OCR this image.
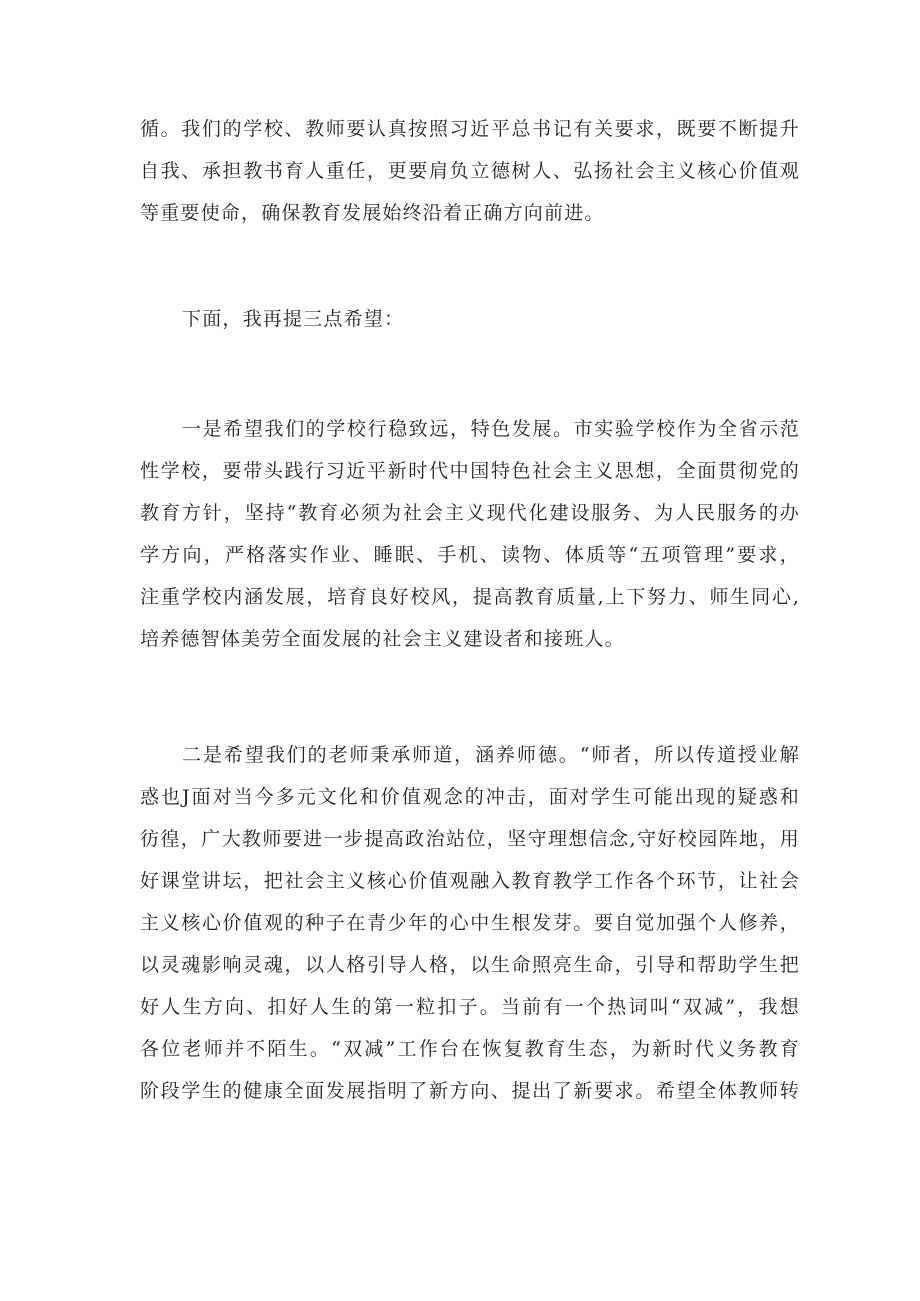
循。我们的学校、教师要认真按照习近平总书记有关要求，既要不断提升
自我、承担教书育人重任，更要肩负立德树人、弘扬社会主义核心价值观
等重要使命，确保教育发展始终沿着正确方向前进。
下面，我再提三点希望：
一是希望我们的学校行稳致远，特色发展。市实验学校作为全省示范
性学校，要带头践行习近平新时代中国特色社会主义思想，全面贯彻党的
教育方针，坚持“教育必须为社会主义现代化建设服务、为人民服务的办
学方向，严格落实作业、睡眠、手机、读物、体质等“五项管理”要求，
注重学校内涵发展，培育良好校风，提高教育质量,上下努力、师生同心,
培养德智体美劳全面发展的社会主义建设者和接班人。
二是希望我们的老师秉承师道，涵养师德。“师者，所以传道授业解
惑也J面对当今多元文化和价值观念的冲击，面对学生可能出现的疑惑和
彷徨，广大教师要进一步提高政治站位，坚守理想信念,守好校园阵地，用
好课堂讲坛，把社会主义核心价值观融入教育教学工作各个环节，让社会
主义核心价值观的种子在青少年的心中生根发芽。要自觉加强个人修养，
以灵魂影响灵魂，以人格引导人格，以生命照亮生命，引导和帮助学生把
好人生方向、扣好人生的第一粒扣子。当前有一个热词叫“双减”，我想
各位老师并不陌生。“双减”工作台在恢复教育生态，为新时代义务教育
阶段学生的健康全面发展指明了新方向、提出了新要求。希望全体教师转
